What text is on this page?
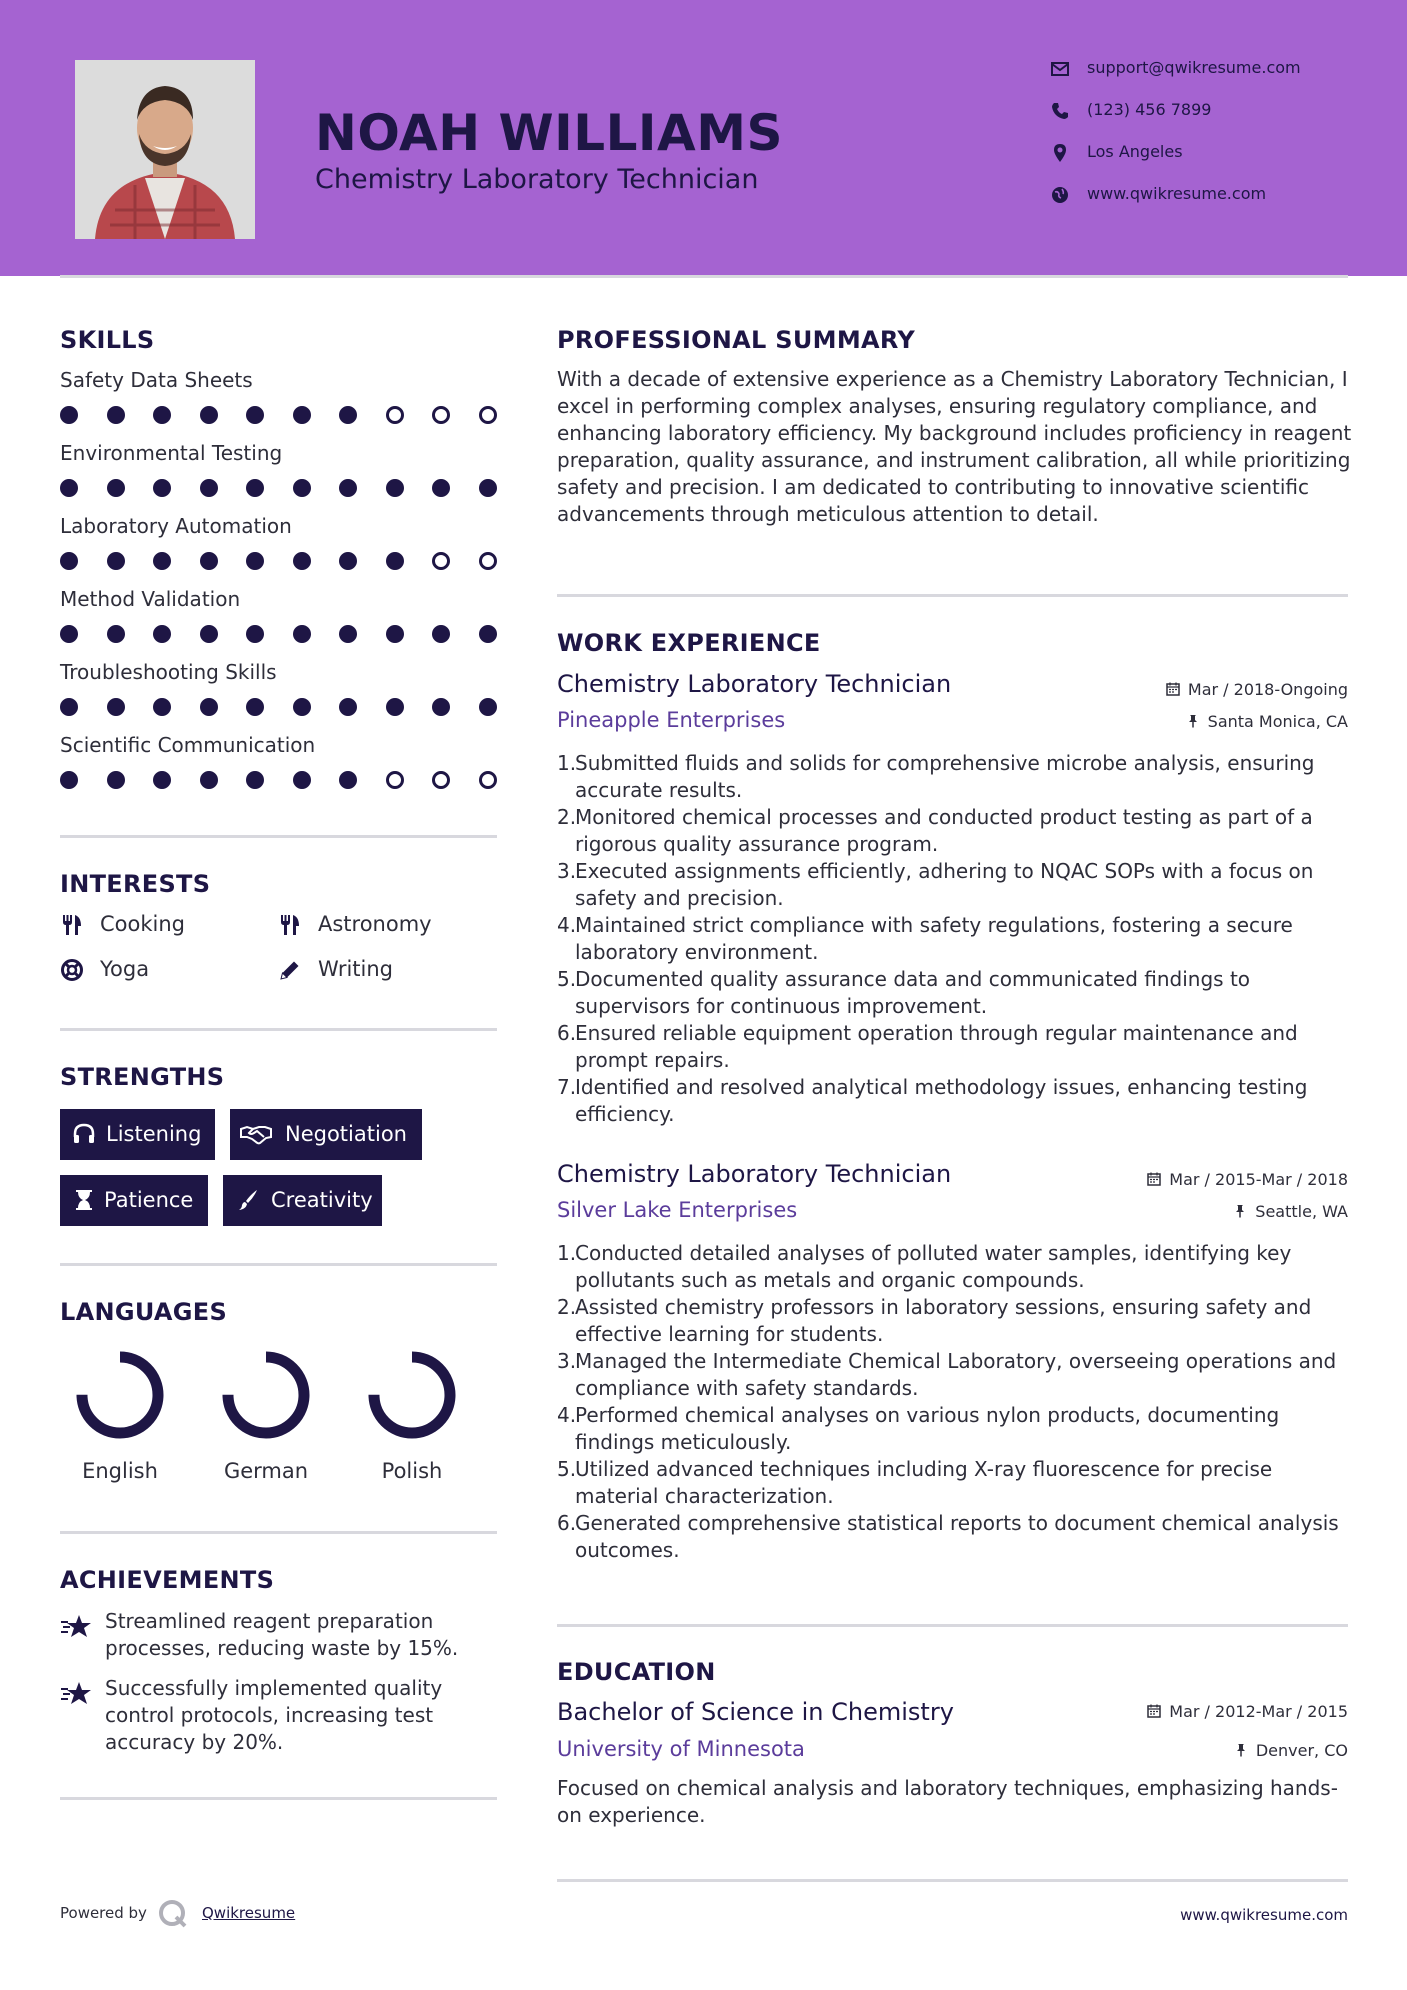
NOAH WILLIAMS
Chemistry Laboratory Technician
support@qwikresume.com
(123) 456 7899
Los Angeles
www.qwikresume.com
SKILLS
Safety Data Sheets
Environmental Testing
Laboratory Automation
Method Validation
Troubleshooting Skills
Scientific Communication
INTERESTS
Cooking	Astronomy
Yoga	Writing
STRENGTHS
Listening	Negotiation
Patience	Creativity
LANGUAGES
English	German	Polish
ACHIEVEMENTS
Streamlined reagent preparation processes, reducing waste by 15%.
Successfully implemented quality control protocols, increasing test accuracy by 20%.
PROFESSIONAL SUMMARY
With a decade of extensive experience as a Chemistry Laboratory Technician, I excel in performing complex analyses, ensuring regulatory compliance, and enhancing laboratory efficiency. My background includes proficiency in reagent preparation, quality assurance, and instrument calibration, all while prioritizing safety and precision. I am dedicated to contributing to innovative scientific advancements through meticulous attention to detail.
WORK EXPERIENCE
Chemistry Laboratory Technician	Mar / 2018-Ongoing
Pineapple Enterprises	Santa Monica, CA
1.
Submitted fluids and solids for comprehensive microbe analysis, ensuring accurate results.
2.
Monitored chemical processes and conducted product testing as part of a rigorous quality assurance program.
3.
Executed assignments efficiently, adhering to NQAC SOPs with a focus on safety and precision.
4.
Maintained strict compliance with safety regulations, fostering a secure laboratory environment.
5.
Documented quality assurance data and communicated findings to supervisors for continuous improvement.
6.
Ensured reliable equipment operation through regular maintenance and prompt repairs.
7.
Identified and resolved analytical methodology issues, enhancing testing efficiency.
Chemistry Laboratory Technician	Mar / 2015-Mar / 2018
Silver Lake Enterprises	Seattle, WA
1.
Conducted detailed analyses of polluted water samples, identifying key pollutants such as metals and organic compounds.
2.
Assisted chemistry professors in laboratory sessions, ensuring safety and effective learning for students.
3.
Managed the Intermediate Chemical Laboratory, overseeing operations and compliance with safety standards.
4.
Performed chemical analyses on various nylon products, documenting findings meticulously.
5.
Utilized advanced techniques including X-ray fluorescence for precise material characterization.
6.
Generated comprehensive statistical reports to document chemical analysis outcomes.
EDUCATION
Bachelor of Science in Chemistry	Mar / 2012-Mar / 2015
University of Minnesota	Denver, CO
Focused on chemical analysis and laboratory techniques, emphasizing hands-on experience.
Powered by	Qwikresume	www.qwikresume.com
